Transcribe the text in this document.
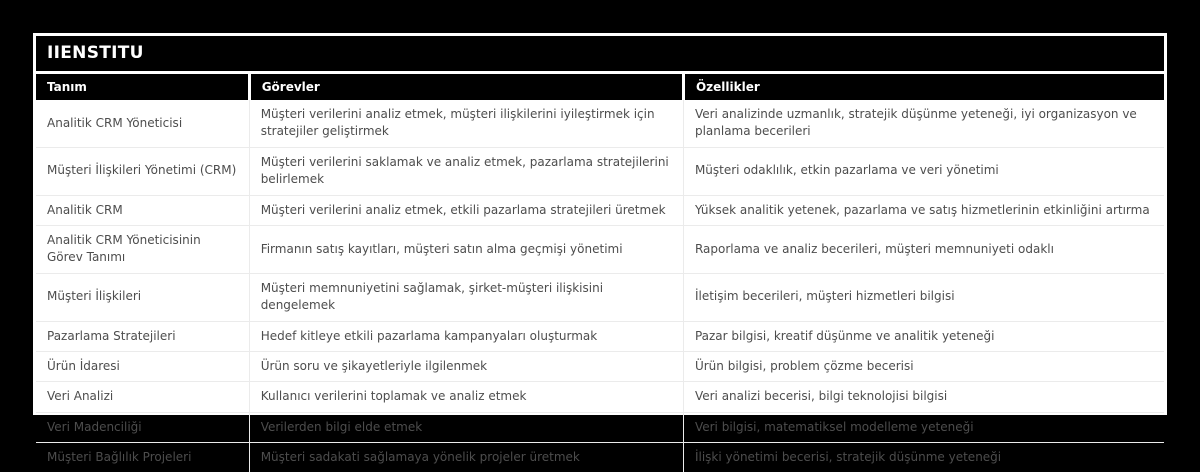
IIENSTITU
Tanım	Görevler	Özellikler
Analitik CRM Yöneticisi	Müşteri verilerini analiz etmek, müşteri ilişkilerini iyileştirmek için stratejiler geliştirmek	Veri analizinde uzmanlık, stratejik düşünme yeteneği, iyi organizasyon ve planlama becerileri
Müşteri İlişkileri Yönetimi (CRM)	Müşteri verilerini saklamak ve analiz etmek, pazarlama stratejilerini belirlemek	Müşteri odaklılık, etkin pazarlama ve veri yönetimi
Analitik CRM	Müşteri verilerini analiz etmek, etkili pazarlama stratejileri üretmek	Yüksek analitik yetenek, pazarlama ve satış hizmetlerinin etkinliğini artırma
Analitik CRM Yöneticisinin Görev Tanımı	Firmanın satış kayıtları, müşteri satın alma geçmişi yönetimi	Raporlama ve analiz becerileri, müşteri memnuniyeti odaklı
Müşteri İlişkileri	Müşteri memnuniyetini sağlamak, şirket-müşteri ilişkisini dengelemek	İletişim becerileri, müşteri hizmetleri bilgisi
Pazarlama Stratejileri	Hedef kitleye etkili pazarlama kampanyaları oluşturmak	Pazar bilgisi, kreatif düşünme ve analitik yeteneği
Ürün İdaresi	Ürün soru ve şikayetleriyle ilgilenmek	Ürün bilgisi, problem çözme becerisi
Veri Analizi	Kullanıcı verilerini toplamak ve analiz etmek	Veri analizi becerisi, bilgi teknolojisi bilgisi
Veri Madenciliği	Verilerden bilgi elde etmek	Veri bilgisi, matematiksel modelleme yeteneği
Müşteri Bağlılık Projeleri	Müşteri sadakati sağlamaya yönelik projeler üretmek	İlişki yönetimi becerisi, stratejik düşünme yeteneği
